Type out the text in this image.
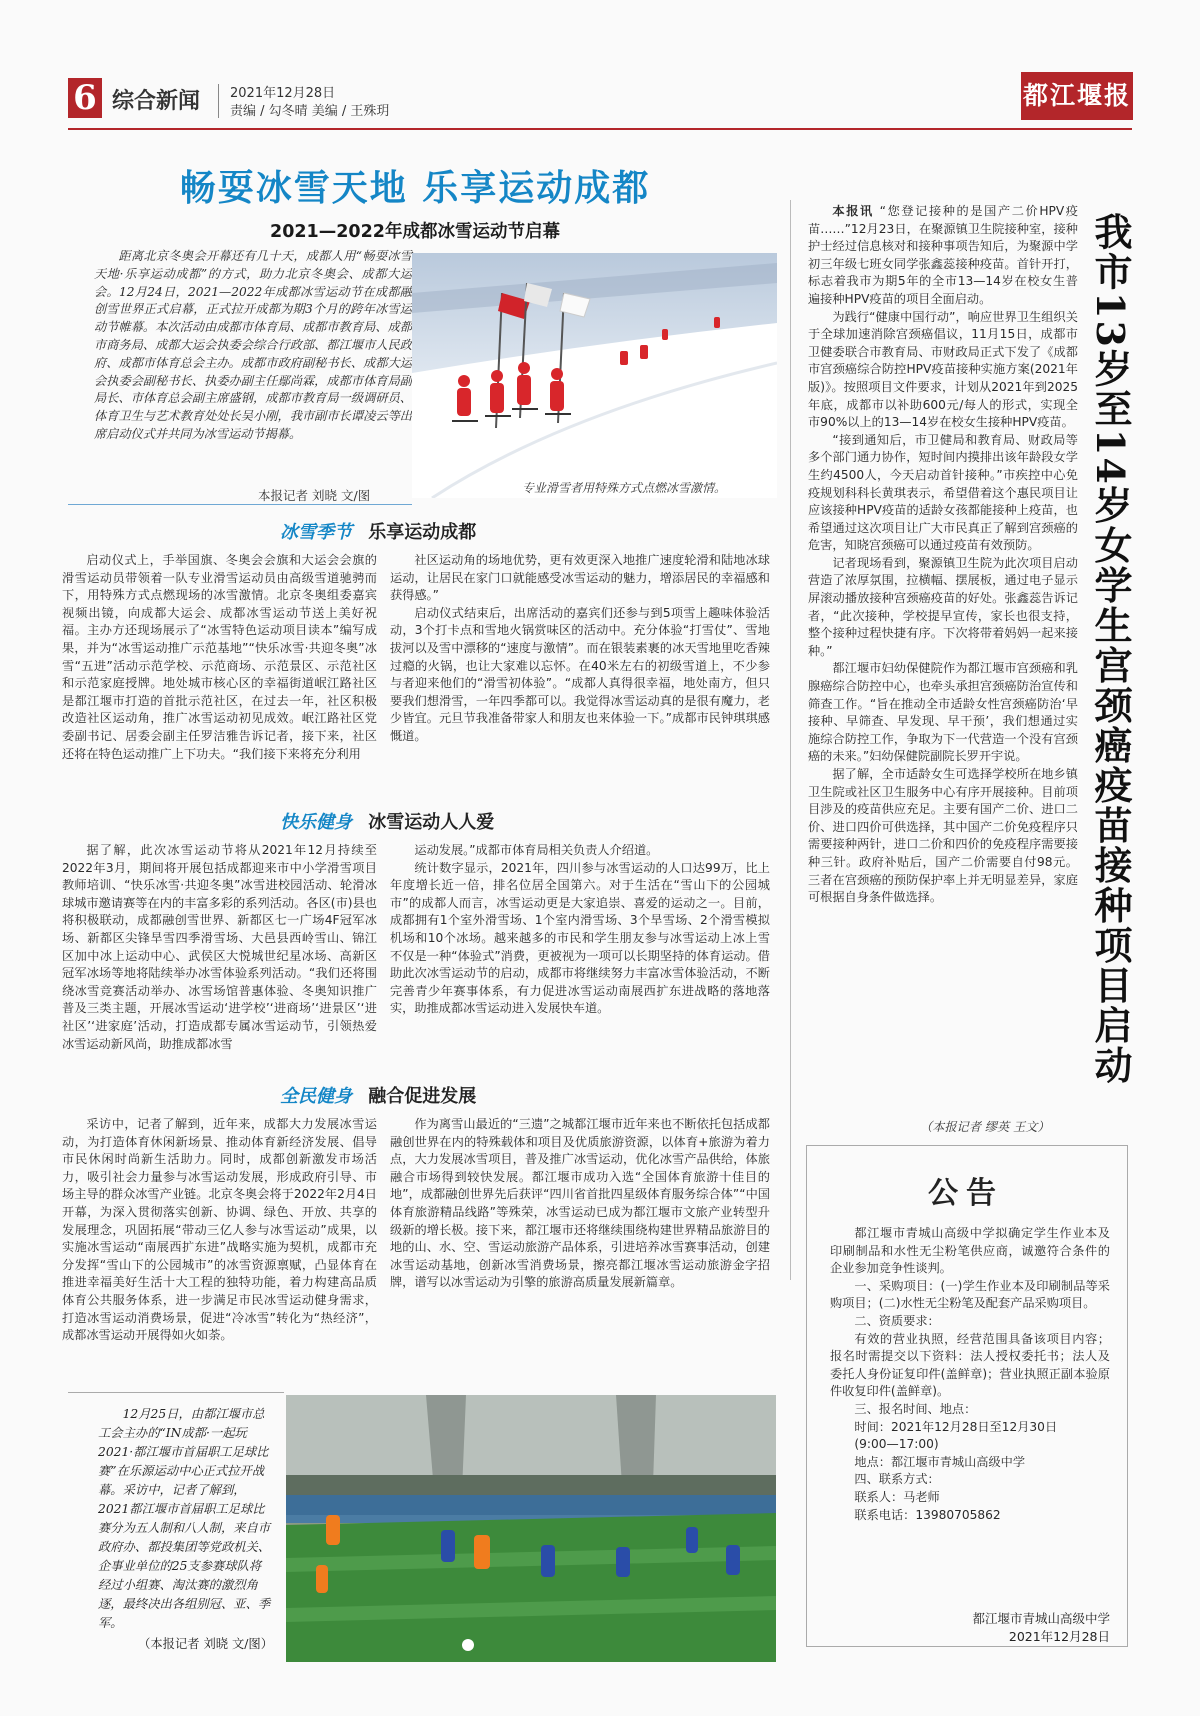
6 综合新闻 2021年12月28日
责编 / 勾冬晴 美编 / 王殊玥
都江堰报
畅耍冰雪天地 乐享运动成都
2021—2022年成都冰雪运动节启幕

距离北京冬奥会开幕还有几十天，成都人用“畅耍冰雪天地·乐享运动成都”的方式，助力北京冬奥会、成都大运会。12月24日，2021—2022年成都冰雪运动节在成都融创雪世界正式启幕，正式拉开成都为期3个月的跨年冰雪运动节帷幕。本次活动由成都市体育局、成都市教育局、成都市商务局、成都大运会执委会综合行政部、都江堰市人民政府、成都市体育总会主办。成都市政府副秘书长、成都大运会执委会副秘书长、执委办副主任鄢尚霖，成都市体育局副局长、市体育总会副主席盛钢，成都市教育局一级调研员、体育卫生与艺术教育处处长吴小刚，我市副市长谭凌云等出席启动仪式并共同为冰雪运动节揭幕。

本报记者 刘晓 文/图	专业滑雪者用特殊方式点燃冰雪激情。
冰雪季节 乐享运动成都

启动仪式上，手举国旗、冬奥会会旗和大运会会旗的滑雪运动员带领着一队专业滑雪运动员由高级雪道驰骋而下，用特殊方式点燃现场的冰雪激情。北京冬奥组委嘉宾视频出镜，向成都大运会、成都冰雪运动节送上美好祝福。主办方还现场展示了“冰雪特色运动项目读本”编写成果，并为“冰雪运动推广示范基地”“快乐冰雪·共迎冬奥”冰雪“五进”活动示范学校、示范商场、示范景区、示范社区和示范家庭授牌。地处城市核心区的幸福街道岷江路社区是都江堰市打造的首批示范社区，在过去一年，社区积极改造社区运动角，推广冰雪运动初见成效。岷江路社区党委副书记、居委会副主任罗洁雅告诉记者，接下来，社区还将在特色运动推广上下功夫。“我们接下来将充分利用

社区运动角的场地优势，更有效更深入地推广速度轮滑和陆地冰球运动，让居民在家门口就能感受冰雪运动的魅力，增添居民的幸福感和获得感。”

启动仪式结束后，出席活动的嘉宾们还参与到5项雪上趣味体验活动，3个打卡点和雪地火锅赏味区的活动中。充分体验“打雪仗”、雪地拔河以及雪中漂移的“速度与激情”。而在银装素裹的冰天雪地里吃香辣过瘾的火锅，也让大家难以忘怀。在40米左右的初级雪道上，不少参与者迎来他们的“滑雪初体验”。“成都人真得很幸福，地处南方，但只要我们想滑雪，一年四季都可以。我觉得冰雪运动真的是很有魔力，老少皆宜。元旦节我准备带家人和朋友也来体验一下。”成都市民钟琪琪感慨道。

快乐健身 冰雪运动人人爱

据了解，此次冰雪运动节将从2021年12月持续至2022年3月，期间将开展包括成都迎来市中小学滑雪项目教师培训、“快乐冰雪·共迎冬奥”冰雪进校园活动、轮滑冰球城市邀请赛等在内的丰富多彩的系列活动。各区(市)县也将积极联动，成都融创雪世界、新都区七一广场4F冠军冰场、新都区尖锋旱雪四季滑雪场、大邑县西岭雪山、锦江区加中冰上运动中心、武侯区大悦城世纪星冰场、高新区冠军冰场等地将陆续举办冰雪体验系列活动。“我们还将围绕冰雪竞赛活动举办、冰雪场馆普惠体验、冬奥知识推广普及三类主题，开展冰雪运动‘进学校’‘进商场’‘进景区’‘进社区’‘进家庭’活动，打造成都专属冰雪运动节，引领热爱冰雪运动新风尚，助推成都冰雪

运动发展。”成都市体育局相关负责人介绍道。

统计数字显示，2021年，四川参与冰雪运动的人口达99万，比上年度增长近一倍，排名位居全国第六。对于生活在“雪山下的公园城市”的成都人而言，冰雪运动更是大家追崇、喜爱的运动之一。目前，成都拥有1个室外滑雪场、1个室内滑雪场、3个旱雪场、2个滑雪模拟机场和10个冰场。越来越多的市民和学生朋友参与冰雪运动上冰上雪不仅是一种“体验式”消费，更被视为一项可以长期坚持的体育运动。借助此次冰雪运动节的启动，成都市将继续努力丰富冰雪体验活动，不断完善青少年赛事体系，有力促进冰雪运动南展西扩东进战略的落地落实，助推成都冰雪运动进入发展快车道。

全民健身 融合促进发展

采访中，记者了解到，近年来，成都大力发展冰雪运动，为打造体育休闲新场景、推动体育新经济发展、倡导市民休闲时尚新生活助力。同时，成都创新激发市场活力，吸引社会力量参与冰雪运动发展，形成政府引导、市场主导的群众冰雪产业链。北京冬奥会将于2022年2月4日开幕，为深入贯彻落实创新、协调、绿色、开放、共享的发展理念，巩固拓展“带动三亿人参与冰雪运动”成果，以实施冰雪运动“南展西扩东进”战略实施为契机，成都市充分发挥“雪山下的公园城市”的冰雪资源禀赋，凸显体育在推进幸福美好生活十大工程的独特功能，着力构建高品质体育公共服务体系，进一步满足市民冰雪运动健身需求，打造冰雪运动消费场景，促进“冷冰雪”转化为“热经济”，成都冰雪运动开展得如火如荼。

作为离雪山最近的“三遗”之城都江堰市近年来也不断依托包括成都融创世界在内的特殊载体和项目及优质旅游资源，以体育+旅游为着力点，大力发展冰雪项目，普及推广冰雪运动，优化冰雪产品供给，体旅融合市场得到较快发展。都江堰市成功入选“全国体育旅游十佳目的地”，成都融创世界先后获评“四川省首批四星级体育服务综合体”“中国体育旅游精品线路”等殊荣，冰雪运动已成为都江堰市文旅产业转型升级新的增长极。接下来，都江堰市还将继续围绕构建世界精品旅游目的地的山、水、空、雪运动旅游产品体系，引进培养冰雪赛事活动，创建冰雪运动基地，创新冰雪消费场景，擦亮都江堰冰雪运动旅游金字招牌，谱写以冰雪运动为引擎的旅游高质量发展新篇章。

12月25日，由都江堰市总工会主办的“IN成都·一起玩 2021·都江堰市首届职工足球比赛”在乐源运动中心正式拉开战幕。采访中，记者了解到，2021都江堰市首届职工足球比赛分为五人制和八人制，来自市政府办、都投集团等党政机关、企事业单位的25支参赛球队将经过小组赛、淘汰赛的激烈角逐，最终决出各组别冠、亚、季军。

（本报记者 刘晓 文/图）
我市13岁至14岁女学生宫颈癌疫苗接种项目启动

本报讯 “您登记接种的是国产二价HPV疫苗……”12月23日，在聚源镇卫生院接种室，接种护士经过信息核对和接种事项告知后，为聚源中学初三年级七班女同学张鑫蕊接种疫苗。首针开打，标志着我市为期5年的全市13—14岁在校女生普遍接种HPV疫苗的项目全面启动。

为践行“健康中国行动”，响应世界卫生组织关于全球加速消除宫颈癌倡议，11月15日，成都市卫健委联合市教育局、市财政局正式下发了《成都市宫颈癌综合防控HPV疫苗接种实施方案(2021年版)》。按照项目文件要求，计划从2021年到2025年底，成都市以补助600元/每人的形式，实现全市90%以上的13—14岁在校女生接种HPV疫苗。

“接到通知后，市卫健局和教育局、财政局等多个部门通力协作，短时间内摸排出该年龄段女学生约4500人，今天启动首针接种。”市疾控中心免疫规划科科长黄琪表示，希望借着这个惠民项目让应该接种HPV疫苗的适龄女孩都能接种上疫苗，也希望通过这次项目让广大市民真正了解到宫颈癌的危害，知晓宫颈癌可以通过疫苗有效预防。

记者现场看到，聚源镇卫生院为此次项目启动营造了浓厚氛围，拉横幅、摆展板，通过电子显示屏滚动播放接种宫颈癌疫苗的好处。张鑫蕊告诉记者，“此次接种，学校提早宣传，家长也很支持，整个接种过程快捷有序。下次将带着妈妈一起来接种。”

都江堰市妇幼保健院作为都江堰市宫颈癌和乳腺癌综合防控中心，也牵头承担宫颈癌防治宣传和筛查工作。“旨在推动全市适龄女性宫颈癌防治‘早接种、早筛查、早发现、早干预’，我们想通过实施综合防控工作，争取为下一代营造一个没有宫颈癌的未来。”妇幼保健院副院长罗开宇说。

据了解，全市适龄女生可选择学校所在地乡镇卫生院或社区卫生服务中心有序开展接种。目前项目涉及的疫苗供应充足。主要有国产二价、进口二价、进口四价可供选择，其中国产二价免疫程序只需要接种两针，进口二价和四价的免疫程序需要接种三针。政府补贴后，国产二价需要自付98元。三者在宫颈癌的预防保护率上并无明显差异，家庭可根据自身条件做选择。

（本报记者 缪英 王文）
公告

都江堰市青城山高级中学拟确定学生作业本及印刷制品和水性无尘粉笔供应商，诚邀符合条件的企业参加竞争性谈判。

一、采购项目：(一)学生作业本及印刷制品等采购项目；(二)水性无尘粉笔及配套产品采购项目。

二、资质要求：

有效的营业执照，经营范围具备该项目内容；报名时需提交以下资料：法人授权委托书；法人及委托人身份证复印件(盖鲜章)；营业执照正副本验原件收复印件(盖鲜章)。

三、报名时间、地点：

时间：2021年12月28日至12月30日

(9:00—17:00)

地点：都江堰市青城山高级中学

四、联系方式：

联系人：马老师

联系电话：13980705862

都江堰市青城山高级中学
2021年12月28日
